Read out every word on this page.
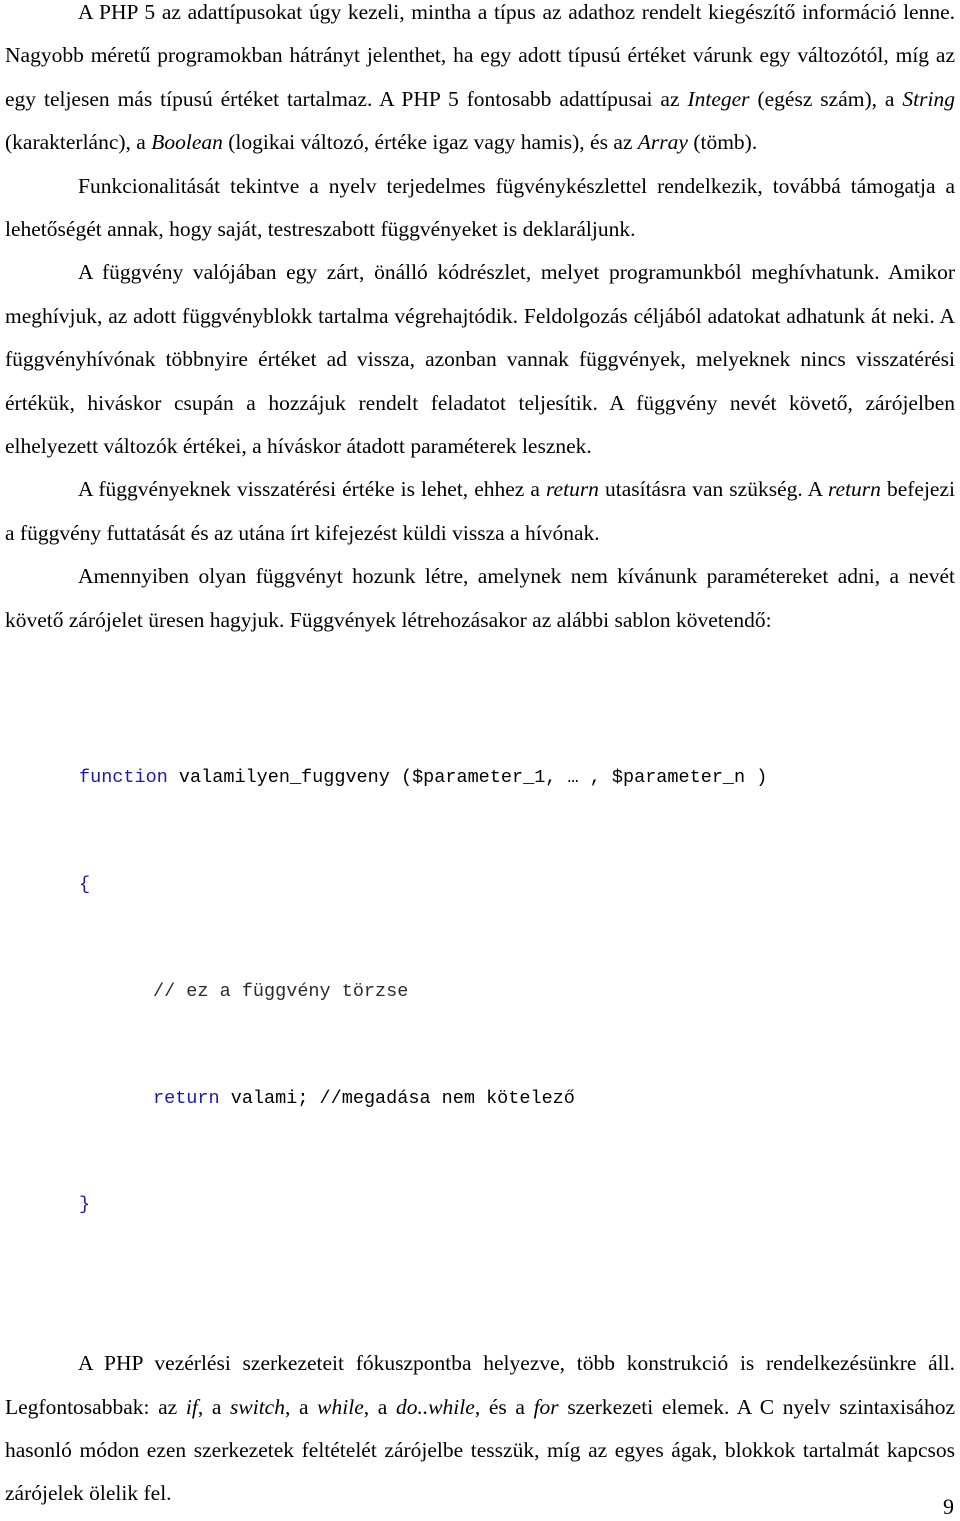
A PHP 5 az adattípusokat úgy kezeli, mintha a típus az adathoz rendelt kiegészítő információ lenne. Nagyobb méretű programokban hátrányt jelenthet, ha egy adott típusú értéket várunk egy változótól, míg az egy teljesen más típusú értéket tartalmaz. A PHP 5 fontosabb adattípusai az Integer (egész szám), a String (karakterlánc), a Boolean (logikai változó, értéke igaz vagy hamis), és az Array (tömb).

Funkcionalitását tekintve a nyelv terjedelmes fügvénykészlettel rendelkezik, továbbá támogatja a lehetőségét annak, hogy saját, testreszabott függvényeket is deklaráljunk.

A függvény valójában egy zárt, önálló kódrészlet, melyet programunkból meghívhatunk. Amikor meghívjuk, az adott függvényblokk tartalma végrehajtódik. Feldolgozás céljából adatokat adhatunk át neki. A függvényhívónak többnyire értéket ad vissza, azonban vannak függvények, melyeknek nincs visszatérési értékük, hiváskor csupán a hozzájuk rendelt feladatot teljesítik. A függvény nevét követő, zárójelben elhelyezett változók értékei, a híváskor átadott paraméterek lesznek.

A függvényeknek visszatérési értéke is lehet, ehhez a return utasításra van szükség. A return befejezi a függvény futtatását és az utána írt kifejezést küldi vissza a hívónak.

Amennyiben olyan függvényt hozunk létre, amelynek nem kívánunk paramétereket adni, a nevét követő zárójelet üresen hagyjuk. Függvények létrehozásakor az alábbi sablon követendő:

function valamilyen_fuggveny ($parameter_1, … , $parameter_n )

{

// ez a függvény törzse

return valami; //megadása nem kötelező

}

A PHP vezérlési szerkezeteit fókuszpontba helyezve, több konstrukció is rendelkezésünkre áll. Legfontosabbak: az if, a switch, a while, a do..while, és a for szerkezeti elemek. A C nyelv szintaxisához hasonló módon ezen szerkezetek feltételét zárójelbe tesszük, míg az egyes ágak, blokkok tartalmát kapcsos zárójelek ölelik fel.

9
